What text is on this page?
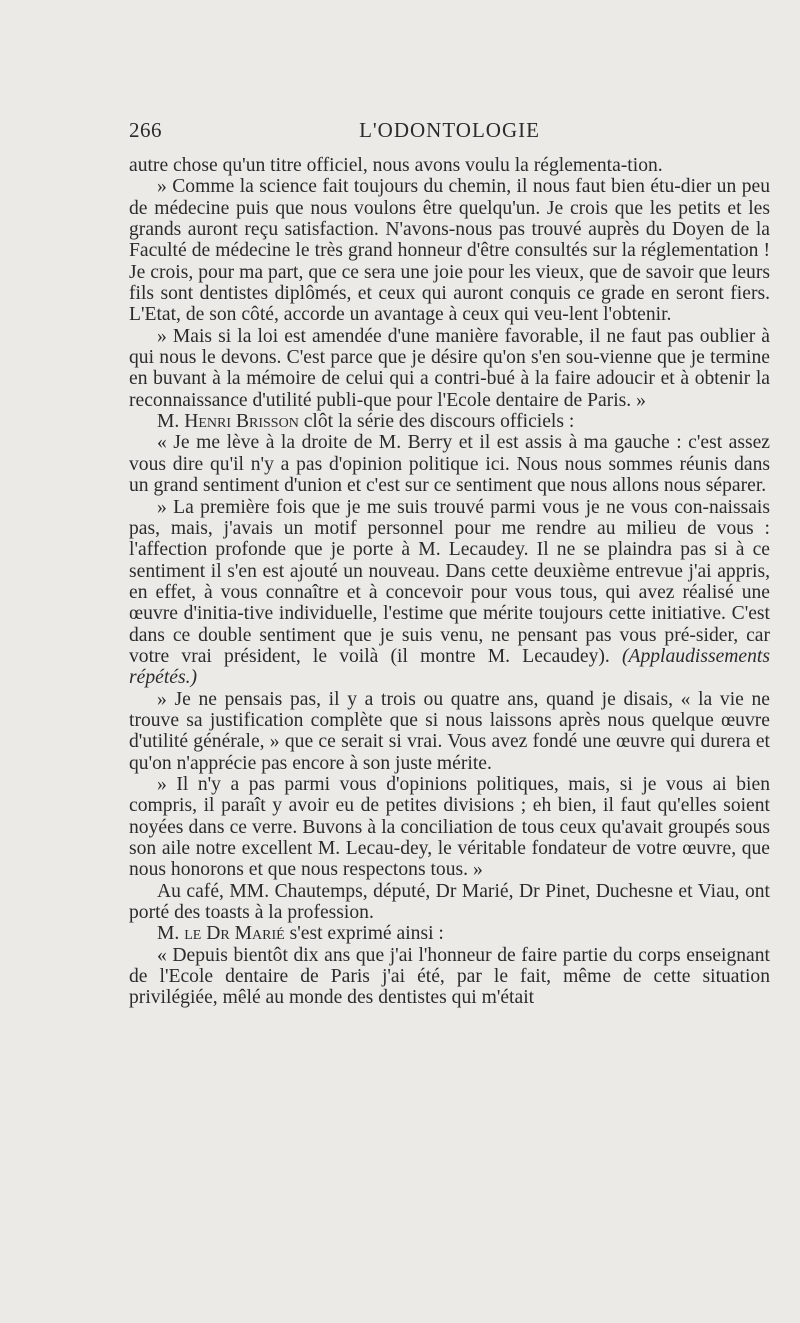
266	L'ODONTOLOGIE

autre chose qu'un titre officiel, nous avons voulu la réglementa-tion.

» Comme la science fait toujours du chemin, il nous faut bien étu-dier un peu de médecine puis que nous voulons être quelqu'un. Je crois que les petits et les grands auront reçu satisfaction. N'avons-nous pas trouvé auprès du Doyen de la Faculté de médecine le très grand honneur d'être consultés sur la réglementation ! Je crois, pour ma part, que ce sera une joie pour les vieux, que de savoir que leurs fils sont dentistes diplômés, et ceux qui auront conquis ce grade en seront fiers. L'Etat, de son côté, accorde un avantage à ceux qui veu-lent l'obtenir.

» Mais si la loi est amendée d'une manière favorable, il ne faut pas oublier à qui nous le devons. C'est parce que je désire qu'on s'en sou-vienne que je termine en buvant à la mémoire de celui qui a contri-bué à la faire adoucir et à obtenir la reconnaissance d'utilité publi-que pour l'Ecole dentaire de Paris. »

M. Henri Brisson clôt la série des discours officiels :

« Je me lève à la droite de M. Berry et il est assis à ma gauche : c'est assez vous dire qu'il n'y a pas d'opinion politique ici. Nous nous sommes réunis dans un grand sentiment d'union et c'est sur ce sentiment que nous allons nous séparer.

» La première fois que je me suis trouvé parmi vous je ne vous con-naissais pas, mais, j'avais un motif personnel pour me rendre au milieu de vous : l'affection profonde que je porte à M. Lecaudey. Il ne se plaindra pas si à ce sentiment il s'en est ajouté un nouveau. Dans cette deuxième entrevue j'ai appris, en effet, à vous connaître et à concevoir pour vous tous, qui avez réalisé une œuvre d'initia-tive individuelle, l'estime que mérite toujours cette initiative. C'est dans ce double sentiment que je suis venu, ne pensant pas vous pré-sider, car votre vrai président, le voilà (il montre M. Lecaudey). (Applaudissements répétés.)

» Je ne pensais pas, il y a trois ou quatre ans, quand je disais, « la vie ne trouve sa justification complète que si nous laissons après nous quelque œuvre d'utilité générale, » que ce serait si vrai. Vous avez fondé une œuvre qui durera et qu'on n'apprécie pas encore à son juste mérite.

» Il n'y a pas parmi vous d'opinions politiques, mais, si je vous ai bien compris, il paraît y avoir eu de petites divisions ; eh bien, il faut qu'elles soient noyées dans ce verre. Buvons à la conciliation de tous ceux qu'avait groupés sous son aile notre excellent M. Lecau-dey, le véritable fondateur de votre œuvre, que nous honorons et que nous respectons tous. »

Au café, MM. Chautemps, député, Dr Marié, Dr Pinet, Duchesne et Viau, ont porté des toasts à la profession.

M. le Dr Marié s'est exprimé ainsi :

« Depuis bientôt dix ans que j'ai l'honneur de faire partie du corps enseignant de l'Ecole dentaire de Paris j'ai été, par le fait, même de cette situation privilégiée, mêlé au monde des dentistes qui m'était
